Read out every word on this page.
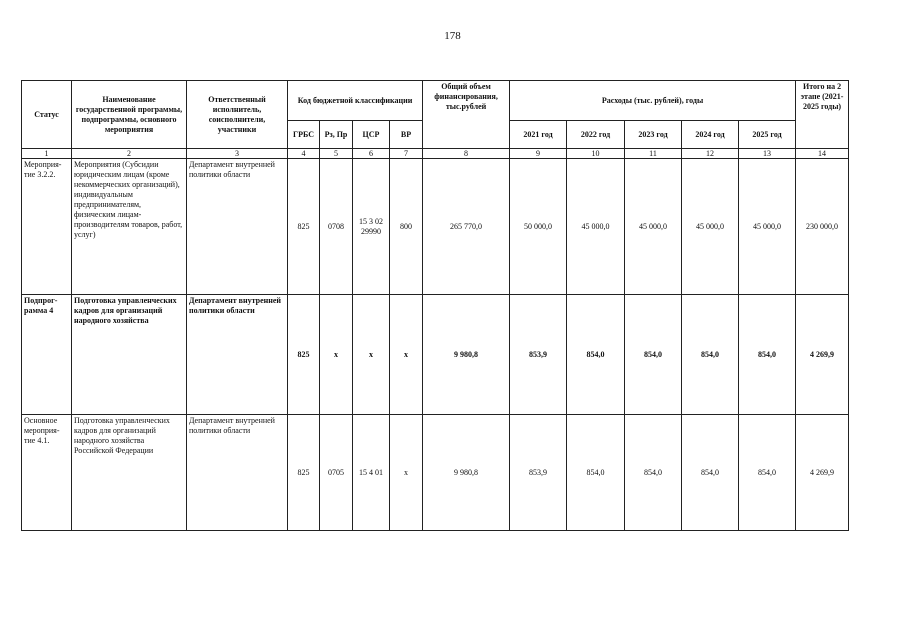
178
Статус	Наименование государственной программы, подпрограммы, основного мероприятия	Ответственный исполнитель, соисполнители, участники	Код бюджетной классификации				Общий объем финансирования, тыс.рублей	Расходы (тыс. рублей), годы					Итого на 2 этапе (2021-2025 годы)
			ГРБС	Рз, Пр	ЦСР	ВР		2021 год	2022 год	2023 год	2024 год	2025 год	
1	2	3	4	5	6	7	8	9	10	11	12	13	14
Мероприя-тие 3.2.2.	Мероприятия (Субсидии юридическим лицам (кроме некоммерческих организаций), индивидуальным предпринимателям, физическим лицам-производителям товаров, работ, услуг)	Департамент внутренней политики области	825	0708	15 3 02 29990	800	265 770,0	50 000,0	45 000,0	45 000,0	45 000,0	45 000,0	230 000,0
Подпрог-рамма 4	Подготовка управленческих кадров для организаций народного хозяйства	Департамент внутренней политики области	825	x	x	x	9 980,8	853,9	854,0	854,0	854,0	854,0	4 269,9
Основное мероприя-тие 4.1.	Подготовка управленческих кадров для организаций народного хозяйства Российской Федерации	Департамент внутренней политики области	825	0705	15 4 01	x	9 980,8	853,9	854,0	854,0	854,0	854,0	4 269,9
